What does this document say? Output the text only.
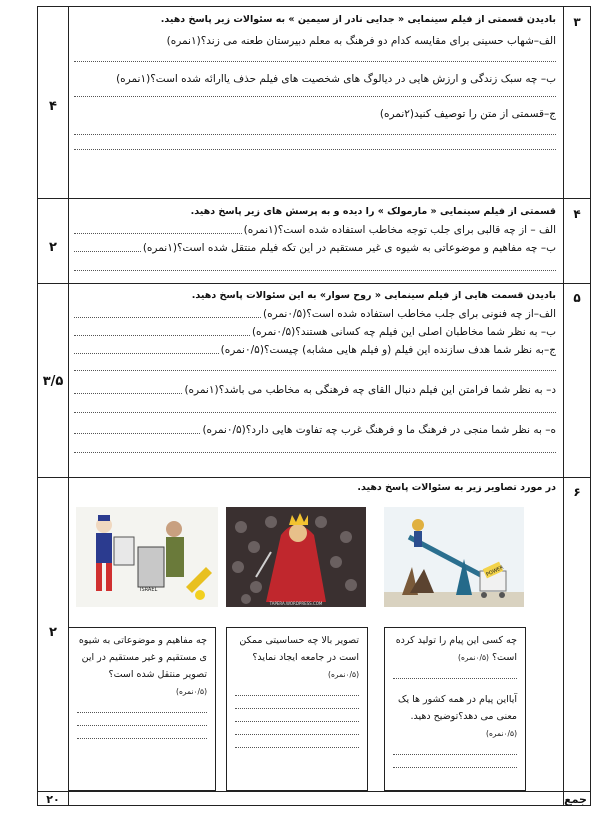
۳
۴
بادیدن قسمتی از فیلم سینمایی « جدایی نادر از سیمین » به سئوالات زیر پاسخ دهید.
الف–شهاب حسینی برای مقایسه کدام دو فرهنگ به معلم دبیرستان طعنه می زند؟(۱نمره)
ب– چه سبک زندگی و ارزش هایی در دیالوگ های شخصیت های فیلم حذف یاارائه شده است؟(۱نمره)
ج–قسمتی از متن را توصیف کنید(۲نمره)
۴
۲
قسمتی از فیلم سینمایی « مارمولک » را دیده و به پرسش های زیر پاسخ دهید.
الف – از چه قالبی برای جلب توجه مخاطب استفاده شده است؟(۱نمره)
ب– چه مفاهیم و موضوعاتی به شیوه ی غیر مستقیم در این تکه فیلم منتقل شده است؟(۱نمره)
۵
۳/۵
بادیدن قسمت هایی از فیلم سینمایی « روح سوار» به این سئوالات پاسخ دهید.
الف–از چه فنونی برای جلب مخاطب استفاده شده است؟(۰/۵نمره)
ب– به نظر شما مخاطبان اصلی این فیلم چه کسانی هستند؟(۰/۵نمره)
ج–به نظر شما هدف سازنده این فیلم (و فیلم هایی مشابه) چیست؟(۰/۵نمره)
د– به نظر شما فرامتن این فیلم دنبال القای چه فرهنگی به مخاطب می باشد؟(۱نمره)
ه– به نظر شما منجی در فرهنگ ما و فرهنگ غرب چه تفاوت هایی دارد؟(۰/۵نمره)
۶
۲
در مورد تصاویر زیر به سئوالات پاسخ دهید.
POWER
TAPERA.WORDPRESS.COM
ISRAEL
چه کسی این پیام را تولید کرده است؟ (۰/۵نمره)
آیااین پیام در همه کشور ها یک معنی می دهد؟توضیح دهید.
(۰/۵نمره)
تصویر بالا چه حساسیتی ممکن است در جامعه ایجاد نماید؟(۰/۵نمره)
چه مفاهیم و موضوعاتی به شیوه ی مستقیم و غیر مستقیم در این تصویر منتقل شده است؟
(۰/۵نمره)
جمع
۲۰
